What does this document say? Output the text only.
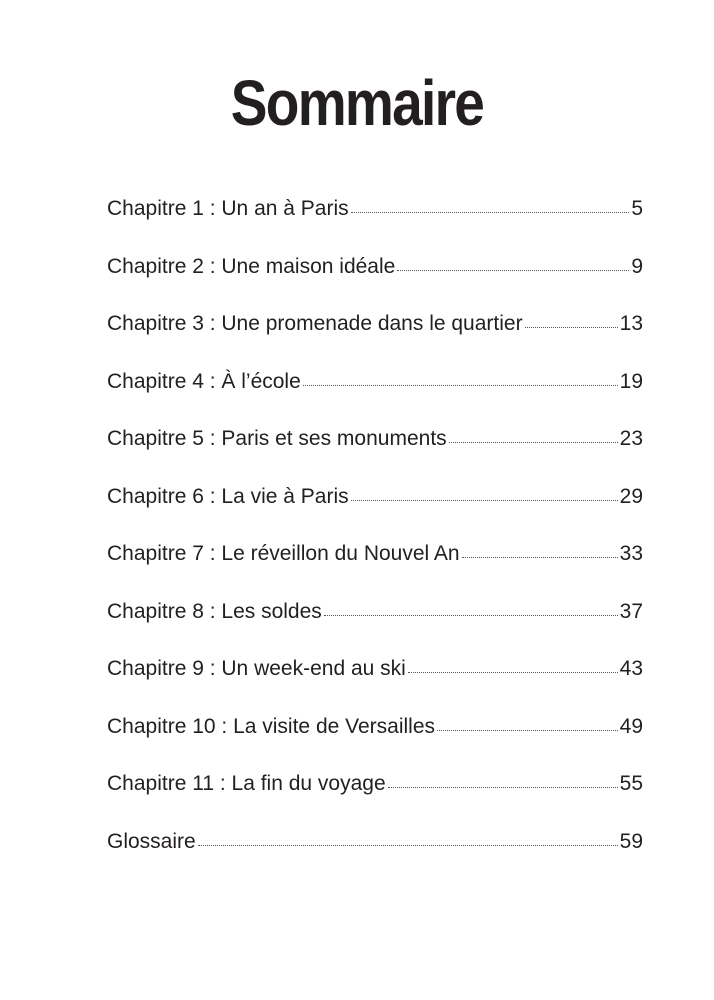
Sommaire
Chapitre 1 : Un an à Paris	5
Chapitre 2 : Une maison idéale	9
Chapitre 3 : Une promenade dans le quartier	13
Chapitre 4 : À l’école	19
Chapitre 5 : Paris et ses monuments	23
Chapitre 6 : La vie à Paris	29
Chapitre 7 : Le réveillon du Nouvel An	33
Chapitre 8 : Les soldes	37
Chapitre 9 : Un week-end au ski	43
Chapitre 10 : La visite de Versailles	49
Chapitre 11 : La fin du voyage	55
Glossaire	59
